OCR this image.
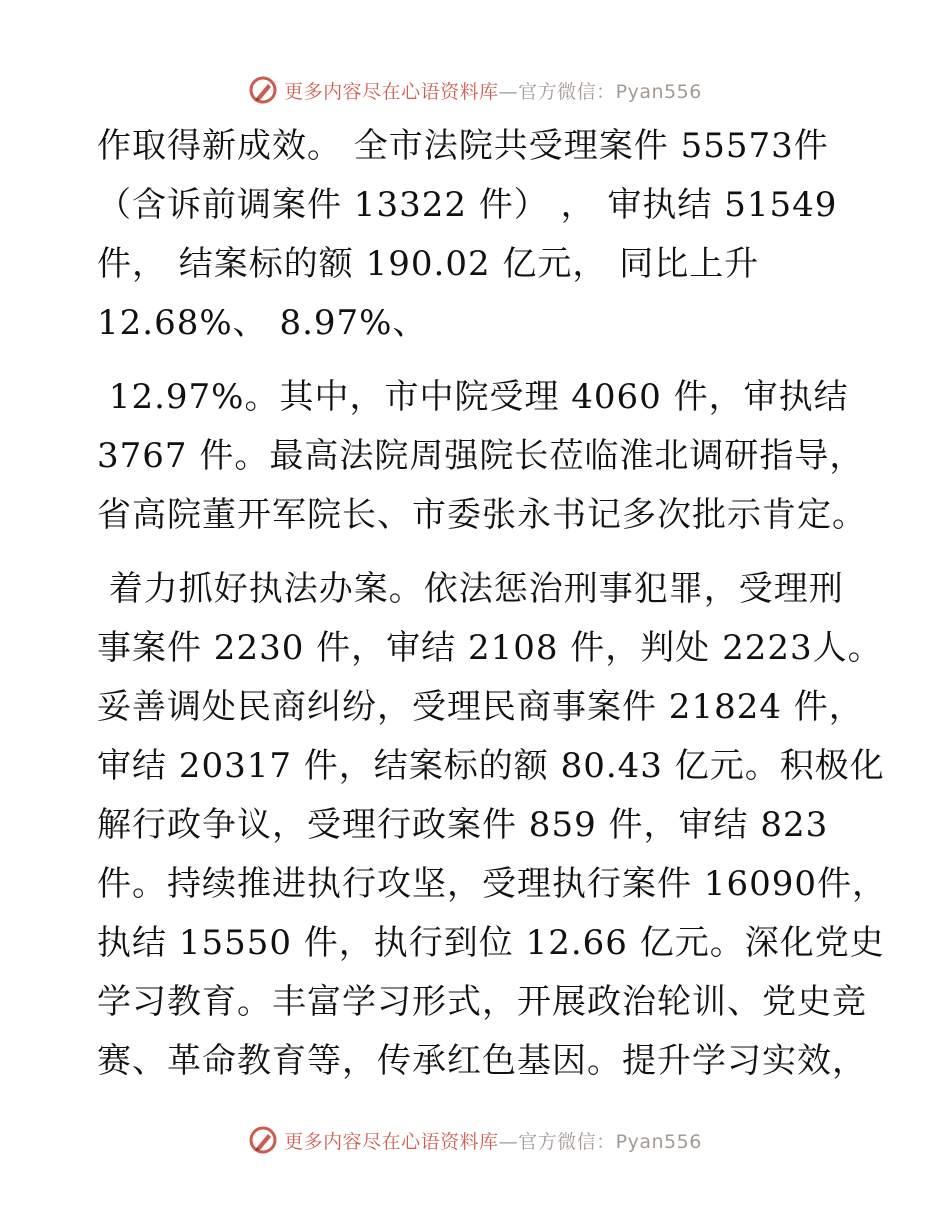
更多内容尽在心语资料库—官方微信：Pyan556
作取得新成效。 全市法院共受理案件 55573件
（含诉前调案件 13322 件） ， 审执结 51549
件， 结案标的额 190.02 亿元， 同比上升
12.68%、 8.97%、
12.97%。其中，市中院受理 4060 件，审执结
3767 件。最高法院周强院长莅临淮北调研指导，
省高院董开军院长、市委张永书记多次批示肯定。
着力抓好执法办案。依法惩治刑事犯罪，受理刑
事案件 2230 件，审结 2108 件，判处 2223人。
妥善调处民商纠纷，受理民商事案件 21824 件，
审结 20317 件，结案标的额 80.43 亿元。积极化
解行政争议，受理行政案件 859 件，审结 823
件。持续推进执行攻坚，受理执行案件 16090件，
执结 15550 件，执行到位 12.66 亿元。深化党史
学习教育。丰富学习形式，开展政治轮训、党史竞
赛、革命教育等，传承红色基因。提升学习实效，
更多内容尽在心语资料库—官方微信：Pyan556
